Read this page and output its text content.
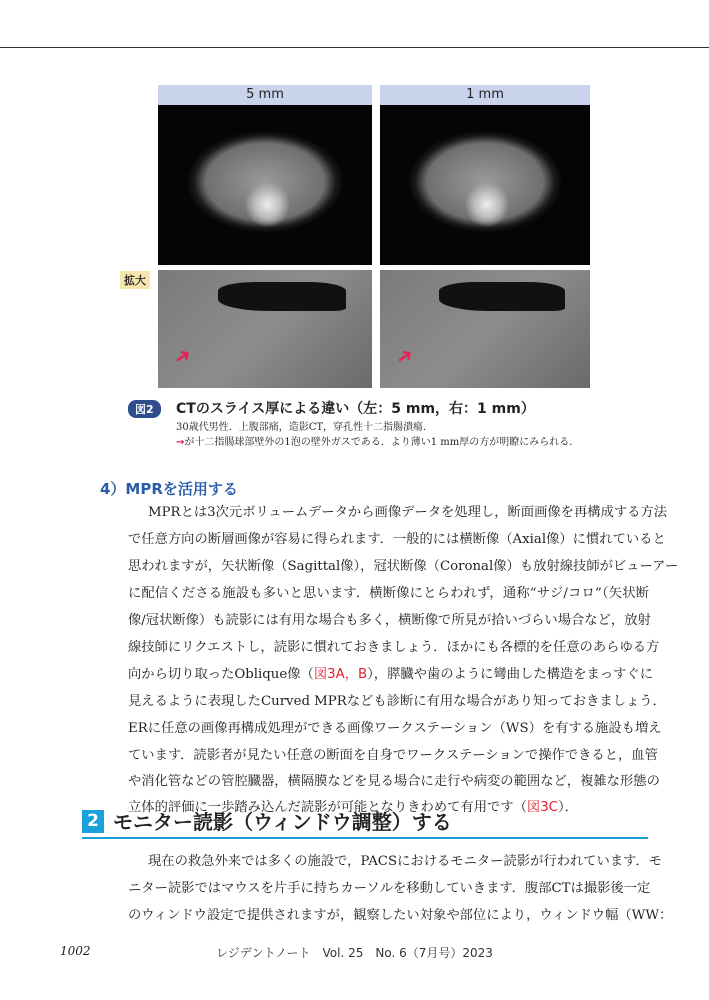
5 mm	1 mm
拡大
➜	➜
図2	CTのスライス厚による違い（左：5 mm，右：1 mm）
30歳代男性．上腹部痛，造影CT，穿孔性十二指腸潰瘍．
→が十二指腸球部壁外の1泡の壁外ガスである．より薄い1 mm厚の方が明瞭にみられる．
4）MPRを活用する
MPRとは3次元ボリュームデータから画像データを処理し，断面画像を再構成する方法
で任意方向の断層画像が容易に得られます．一般的には横断像（Axial像）に慣れていると
思われますが，矢状断像（Sagittal像），冠状断像（Coronal像）も放射線技師がビューアー
に配信くださる施設も多いと思います．横断像にとらわれず，通称“サジ/コロ”（矢状断
像/冠状断像）も読影には有用な場合も多く，横断像で所見が拾いづらい場合など，放射
線技師にリクエストし，読影に慣れておきましょう．ほかにも各標的を任意のあらゆる方
向から切り取ったOblique像（図3A，B），膵臓や歯のように彎曲した構造をまっすぐに
見えるように表現したCurved MPRなども診断に有用な場合があり知っておきましょう．
ERに任意の画像再構成処理ができる画像ワークステーション（WS）を有する施設も増え
ています．読影者が見たい任意の断面を自身でワークステーションで操作できると，血管
や消化管などの管腔臓器，横隔膜などを見る場合に走行や病変の範囲など，複雑な形態の
立体的評価に一歩踏み込んだ読影が可能となりきわめて有用です（図3C）．
2 モニター読影（ウィンドウ調整）する
現在の救急外来では多くの施設で，PACSにおけるモニター読影が行われています．モ
ニター読影ではマウスを片手に持ちカーソルを移動していきます．腹部CTは撮影後一定
のウィンドウ設定で提供されますが，観察したい対象や部位により，ウィンドウ幅（WW：
1002	レジデントノート　Vol. 25　No. 6（7月号）2023
